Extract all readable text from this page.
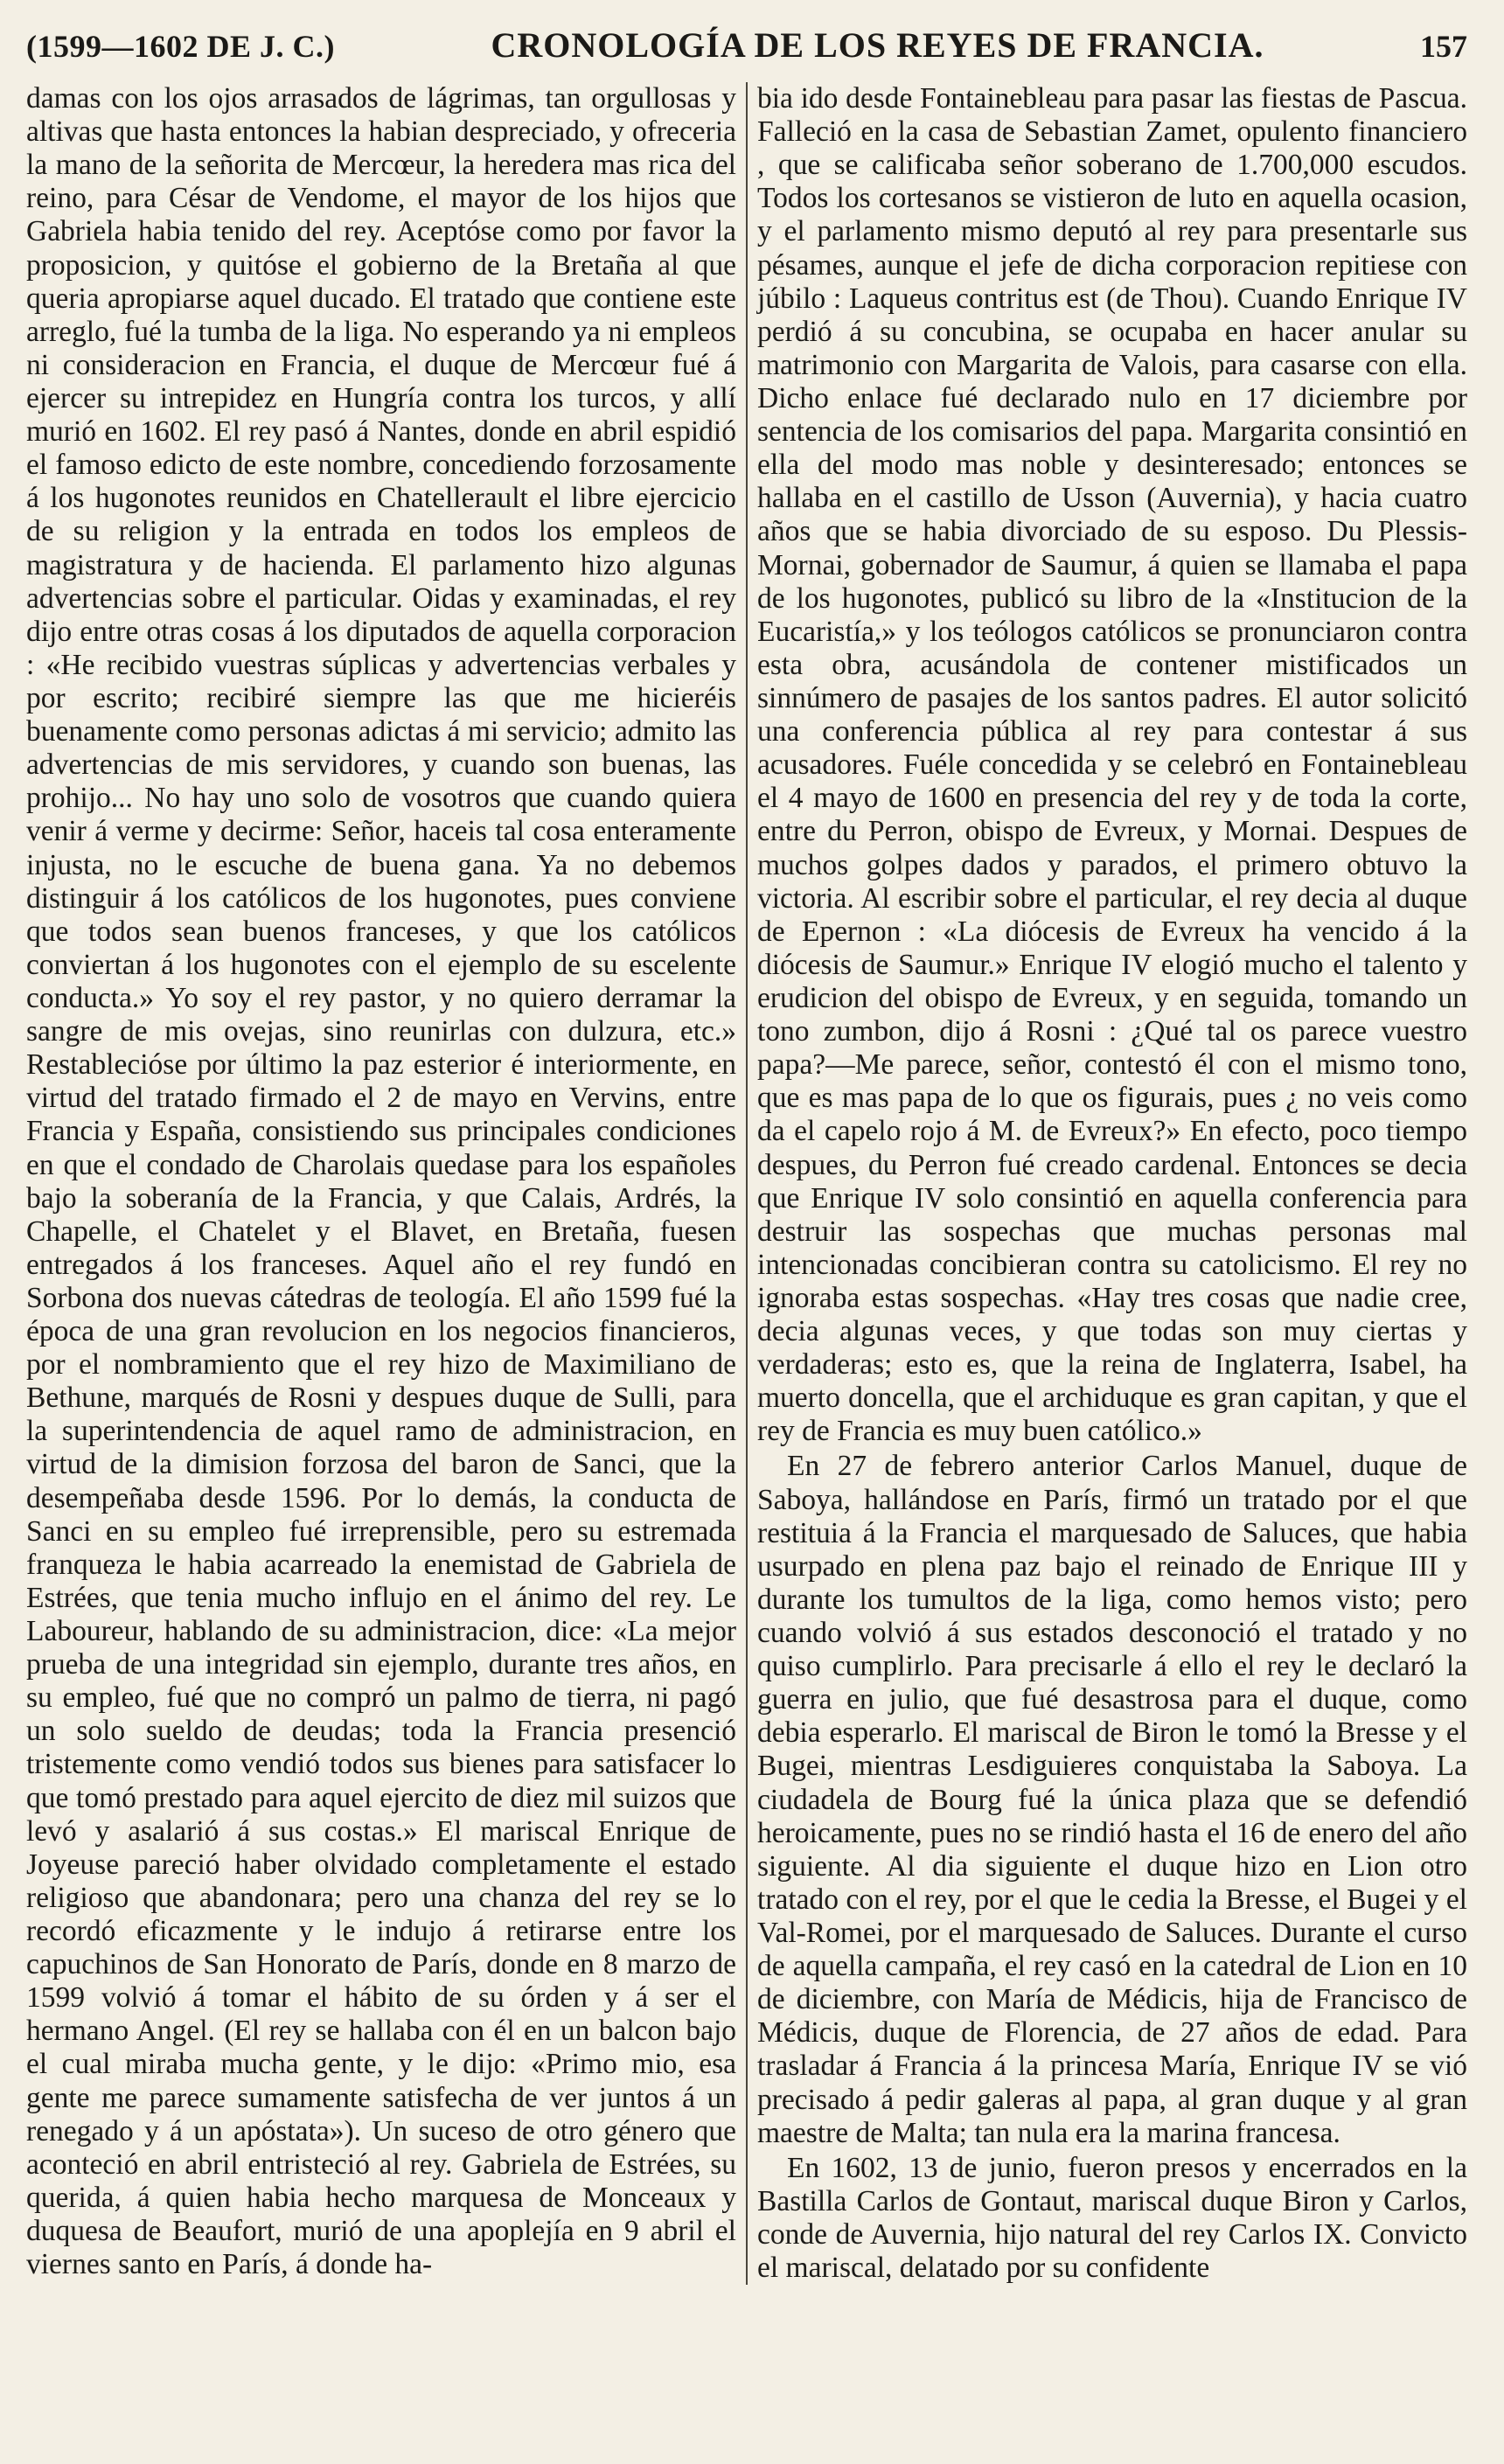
(1599—1602 DE J. C.)	CRONOLOGÍA DE LOS REYES DE FRANCIA.	157

damas con los ojos arrasados de lágrimas, tan orgullosas y altivas que hasta entonces la habian despreciado, y ofreceria la mano de la señorita de Mercœur, la heredera mas rica del reino, para César de Vendome, el mayor de los hijos que Gabriela habia tenido del rey. Aceptóse como por favor la proposicion, y quitóse el gobierno de la Bretaña al que queria apropiarse aquel ducado. El tratado que contiene este arreglo, fué la tumba de la liga. No esperando ya ni empleos ni consideracion en Francia, el duque de Mercœur fué á ejercer su intrepidez en Hungría contra los turcos, y allí murió en 1602. El rey pasó á Nantes, donde en abril espidió el famoso edicto de este nombre, concediendo forzosamente á los hugonotes reunidos en Chatellerault el libre ejercicio de su religion y la entrada en todos los empleos de magistratura y de hacienda. El parlamento hizo algunas advertencias sobre el particular. Oidas y examinadas, el rey dijo entre otras cosas á los diputados de aquella corporacion : «He recibido vuestras súplicas y advertencias verbales y por escrito; recibiré siempre las que me hicieréis buenamente como personas adictas á mi servicio; admito las advertencias de mis servidores, y cuando son buenas, las prohijo... No hay uno solo de vosotros que cuando quiera venir á verme y decirme: Señor, haceis tal cosa enteramente injusta, no le escuche de buena gana. Ya no debemos distinguir á los católicos de los hugonotes, pues conviene que todos sean buenos franceses, y que los católicos conviertan á los hugonotes con el ejemplo de su escelente conducta.» Yo soy el rey pastor, y no quiero derramar la sangre de mis ovejas, sino reunirlas con dulzura, etc.» Restablecióse por último la paz esterior é interiormente, en virtud del tratado firmado el 2 de mayo en Vervins, entre Francia y España, consistiendo sus principales condiciones en que el condado de Charolais quedase para los españoles bajo la soberanía de la Francia, y que Calais, Ardrés, la Chapelle, el Chatelet y el Blavet, en Bretaña, fuesen entregados á los franceses. Aquel año el rey fundó en Sorbona dos nuevas cátedras de teología. El año 1599 fué la época de una gran revolucion en los negocios financieros, por el nombramiento que el rey hizo de Maximiliano de Bethune, marqués de Rosni y despues duque de Sulli, para la superintendencia de aquel ramo de administracion, en virtud de la dimision forzosa del baron de Sanci, que la desempeñaba desde 1596. Por lo demás, la conducta de Sanci en su empleo fué irreprensible, pero su estremada franqueza le habia acarreado la enemistad de Gabriela de Estrées, que tenia mucho influjo en el ánimo del rey. Le Laboureur, hablando de su administracion, dice: «La mejor prueba de una integridad sin ejemplo, durante tres años, en su empleo, fué que no compró un palmo de tierra, ni pagó un solo sueldo de deudas; toda la Francia presenció tristemente como vendió todos sus bienes para satisfacer lo que tomó prestado para aquel ejercito de diez mil suizos que levó y asalarió á sus costas.» El mariscal Enrique de Joyeuse pareció haber olvidado completamente el estado religioso que abandonara; pero una chanza del rey se lo recordó eficazmente y le indujo á retirarse entre los capuchinos de San Honorato de París, donde en 8 marzo de 1599 volvió á tomar el hábito de su órden y á ser el hermano Angel. (El rey se hallaba con él en un balcon bajo el cual miraba mucha gente, y le dijo: «Primo mio, esa gente me parece sumamente satisfecha de ver juntos á un renegado y á un apóstata»). Un suceso de otro género que aconteció en abril entristeció al rey. Gabriela de Estrées, su querida, á quien habia hecho marquesa de Monceaux y duquesa de Beaufort, murió de una apoplejía en 9 abril el viernes santo en París, á donde ha-

bia ido desde Fontainebleau para pasar las fiestas de Pascua. Falleció en la casa de Sebastian Zamet, opulento financiero , que se calificaba señor soberano de 1.700,000 escudos. Todos los cortesanos se vistieron de luto en aquella ocasion, y el parlamento mismo deputó al rey para presentarle sus pésames, aunque el jefe de dicha corporacion repitiese con júbilo : Laqueus contritus est (de Thou). Cuando Enrique IV perdió á su concubina, se ocupaba en hacer anular su matrimonio con Margarita de Valois, para casarse con ella. Dicho enlace fué declarado nulo en 17 diciembre por sentencia de los comisarios del papa. Margarita consintió en ella del modo mas noble y desinteresado; entonces se hallaba en el castillo de Usson (Auvernia), y hacia cuatro años que se habia divorciado de su esposo. Du Plessis-Mornai, gobernador de Saumur, á quien se llamaba el papa de los hugonotes, publicó su libro de la «Institucion de la Eucaristía,» y los teólogos católicos se pronunciaron contra esta obra, acusándola de contener mistificados un sinnúmero de pasajes de los santos padres. El autor solicitó una conferencia pública al rey para contestar á sus acusadores. Fuéle concedida y se celebró en Fontainebleau el 4 mayo de 1600 en presencia del rey y de toda la corte, entre du Perron, obispo de Evreux, y Mornai. Despues de muchos golpes dados y parados, el primero obtuvo la victoria. Al escribir sobre el particular, el rey decia al duque de Epernon : «La diócesis de Evreux ha vencido á la diócesis de Saumur.» Enrique IV elogió mucho el talento y erudicion del obispo de Evreux, y en seguida, tomando un tono zumbon, dijo á Rosni : ¿Qué tal os parece vuestro papa?—Me parece, señor, contestó él con el mismo tono, que es mas papa de lo que os figurais, pues ¿ no veis como da el capelo rojo á M. de Evreux?» En efecto, poco tiempo despues, du Perron fué creado cardenal. Entonces se decia que Enrique IV solo consintió en aquella conferencia para destruir las sospechas que muchas personas mal intencionadas concibieran contra su catolicismo. El rey no ignoraba estas sospechas. «Hay tres cosas que nadie cree, decia algunas veces, y que todas son muy ciertas y verdaderas; esto es, que la reina de Inglaterra, Isabel, ha muerto doncella, que el archiduque es gran capitan, y que el rey de Francia es muy buen católico.»

En 27 de febrero anterior Carlos Manuel, duque de Saboya, hallándose en París, firmó un tratado por el que restituia á la Francia el marquesado de Saluces, que habia usurpado en plena paz bajo el reinado de Enrique III y durante los tumultos de la liga, como hemos visto; pero cuando volvió á sus estados desconoció el tratado y no quiso cumplirlo. Para precisarle á ello el rey le declaró la guerra en julio, que fué desastrosa para el duque, como debia esperarlo. El mariscal de Biron le tomó la Bresse y el Bugei, mientras Lesdiguieres conquistaba la Saboya. La ciudadela de Bourg fué la única plaza que se defendió heroicamente, pues no se rindió hasta el 16 de enero del año siguiente. Al dia siguiente el duque hizo en Lion otro tratado con el rey, por el que le cedia la Bresse, el Bugei y el Val-Romei, por el marquesado de Saluces. Durante el curso de aquella campaña, el rey casó en la catedral de Lion en 10 de diciembre, con María de Médicis, hija de Francisco de Médicis, duque de Florencia, de 27 años de edad. Para trasladar á Francia á la princesa María, Enrique IV se vió precisado á pedir galeras al papa, al gran duque y al gran maestre de Malta; tan nula era la marina francesa.

En 1602, 13 de junio, fueron presos y encerrados en la Bastilla Carlos de Gontaut, mariscal duque Biron y Carlos, conde de Auvernia, hijo natural del rey Carlos IX. Convicto el mariscal, delatado por su confidente
